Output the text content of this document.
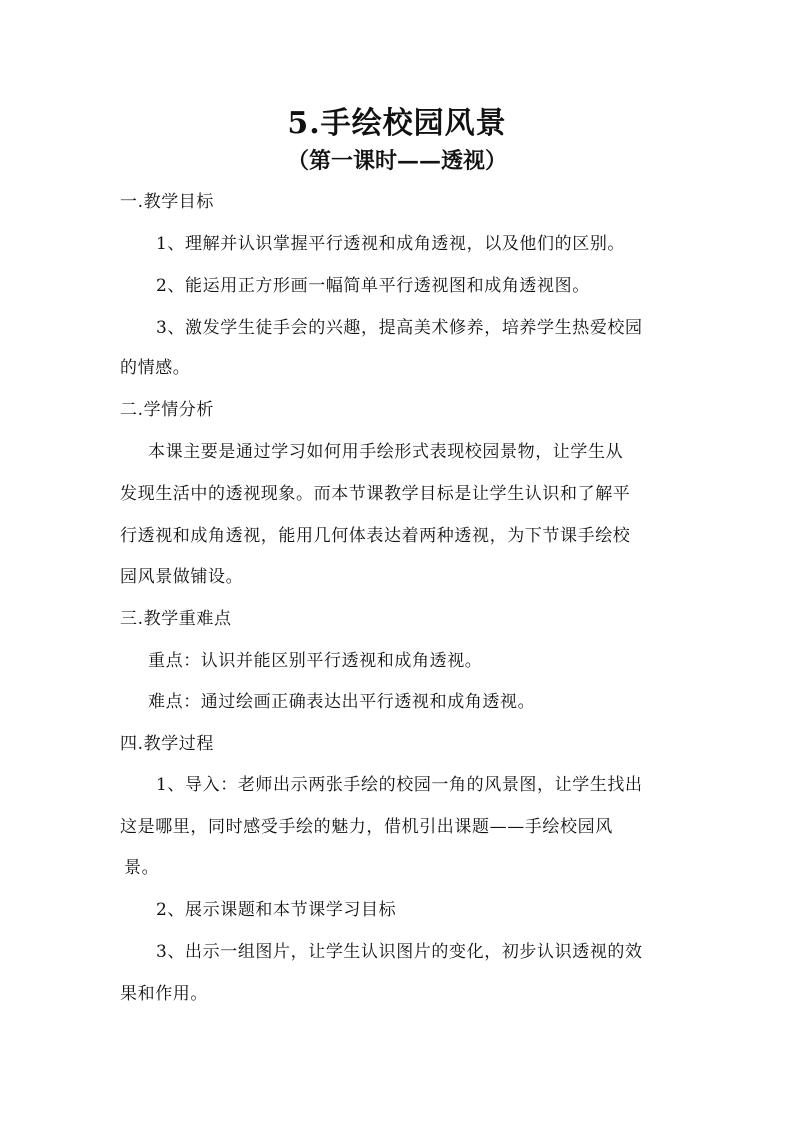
5.手绘校园风景
（第一课时——透视）
一.教学目标
1、理解并认识掌握平行透视和成角透视，以及他们的区别。
2、能运用正方形画一幅简单平行透视图和成角透视图。
3、激发学生徒手会的兴趣，提高美术修养，培养学生热爱校园
的情感。
二.学情分析
本课主要是通过学习如何用手绘形式表现校园景物，让学生从
发现生活中的透视现象。而本节课教学目标是让学生认识和了解平
行透视和成角透视，能用几何体表达着两种透视，为下节课手绘校
园风景做铺设。
三.教学重难点
重点：认识并能区别平行透视和成角透视。
难点：通过绘画正确表达出平行透视和成角透视。
四.教学过程
1、导入：老师出示两张手绘的校园一角的风景图，让学生找出
这是哪里，同时感受手绘的魅力，借机引出课题——手绘校园风
景。
2、展示课题和本节课学习目标
3、出示一组图片，让学生认识图片的变化，初步认识透视的效
果和作用。
